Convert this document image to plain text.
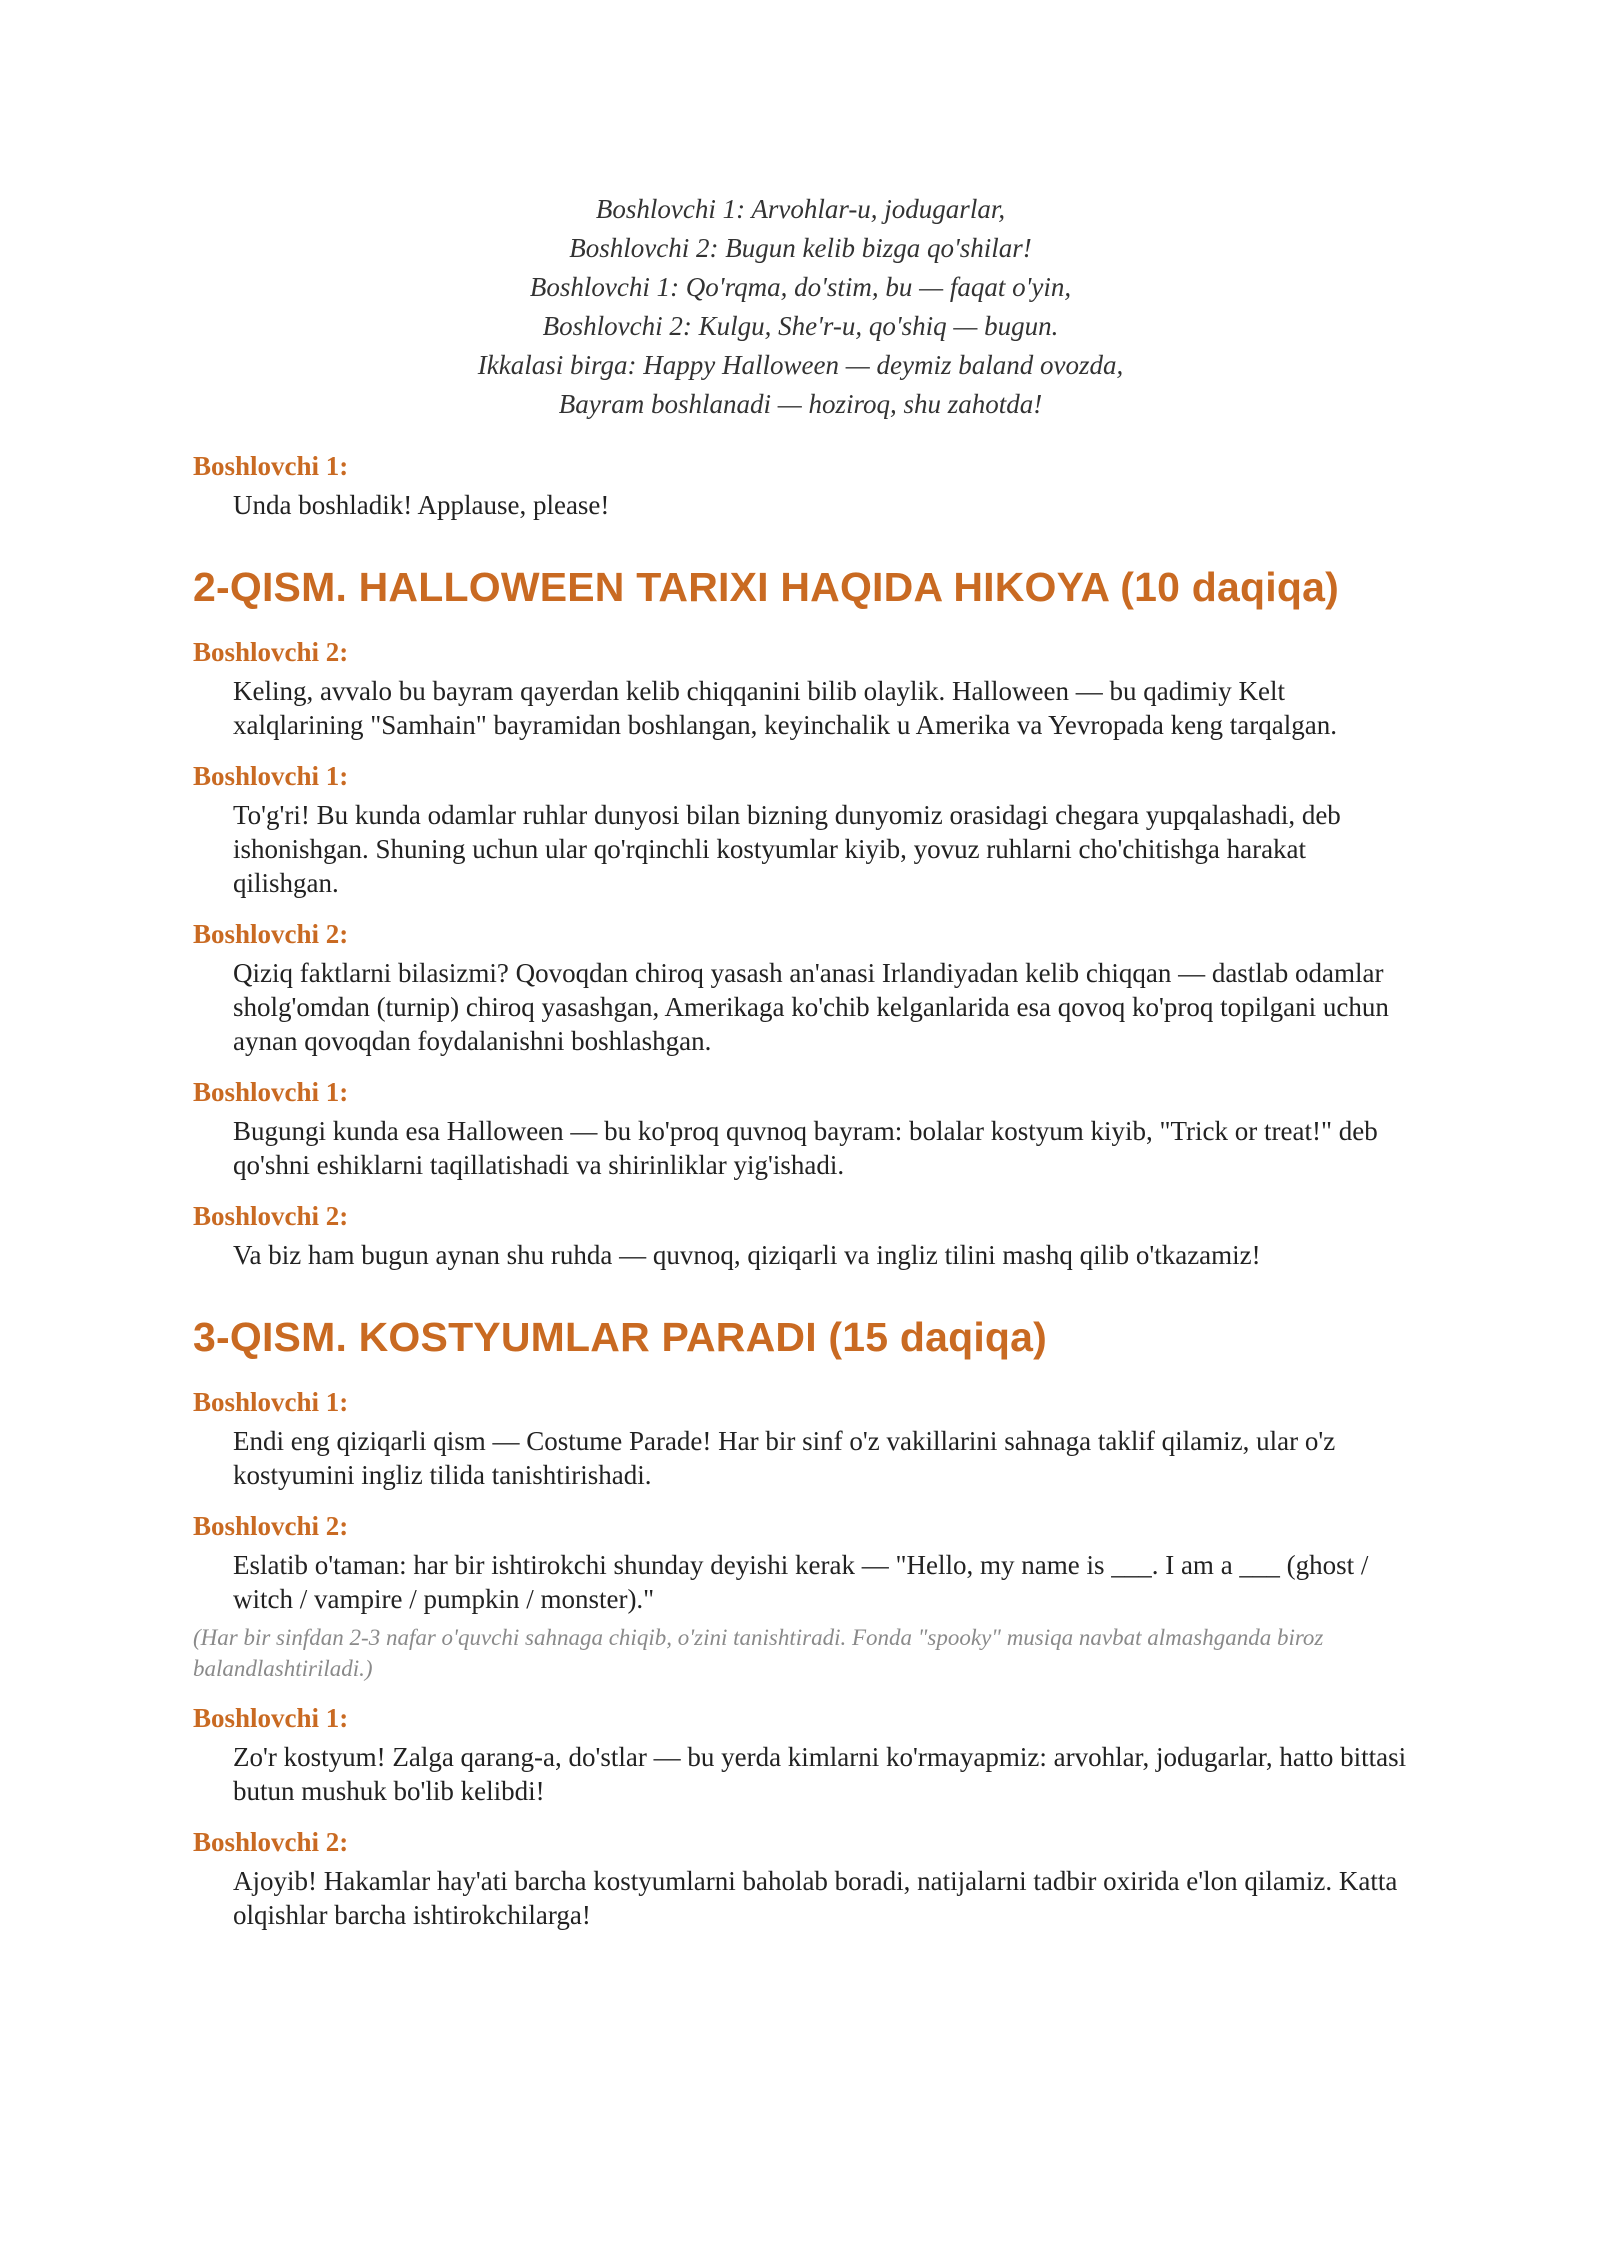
Boshlovchi 1: Arvohlar-u, jodugarlar,
Boshlovchi 2: Bugun kelib bizga qo'shilar!
Boshlovchi 1: Qo'rqma, do'stim, bu — faqat o'yin,
Boshlovchi 2: Kulgu, She'r-u, qo'shiq — bugun.
Ikkalasi birga: Happy Halloween — deymiz baland ovozda,
Bayram boshlanadi — hoziroq, shu zahotda!
Boshlovchi 1:
Unda boshladik! Applause, please!
2-QISM. HALLOWEEN TARIXI HAQIDA HIKOYA (10 daqiqa)
Boshlovchi 2:
Keling, avvalo bu bayram qayerdan kelib chiqqanini bilib olaylik. Halloween — bu qadimiy Kelt xalqlarining "Samhain" bayramidan boshlangan, keyinchalik u Amerika va Yevropada keng tarqalgan.
Boshlovchi 1:
To'g'ri! Bu kunda odamlar ruhlar dunyosi bilan bizning dunyomiz orasidagi chegara yupqalashadi, deb ishonishgan. Shuning uchun ular qo'rqinchli kostyumlar kiyib, yovuz ruhlarni cho'chitishga harakat qilishgan.
Boshlovchi 2:
Qiziq faktlarni bilasizmi? Qovoqdan chiroq yasash an'anasi Irlandiyadan kelib chiqqan — dastlab odamlar sholg'omdan (turnip) chiroq yasashgan, Amerikaga ko'chib kelganlarida esa qovoq ko'proq topilgani uchun aynan qovoqdan foydalanishni boshlashgan.
Boshlovchi 1:
Bugungi kunda esa Halloween — bu ko'proq quvnoq bayram: bolalar kostyum kiyib, "Trick or treat!" deb qo'shni eshiklarni taqillatishadi va shirinliklar yig'ishadi.
Boshlovchi 2:
Va biz ham bugun aynan shu ruhda — quvnoq, qiziqarli va ingliz tilini mashq qilib o'tkazamiz!
3-QISM. KOSTYUMLAR PARADI (15 daqiqa)
Boshlovchi 1:
Endi eng qiziqarli qism — Costume Parade! Har bir sinf o'z vakillarini sahnaga taklif qilamiz, ular o'z kostyumini ingliz tilida tanishtirishadi.
Boshlovchi 2:
Eslatib o'taman: har bir ishtirokchi shunday deyishi kerak — "Hello, my name is ___. I am a ___ (ghost / witch / vampire / pumpkin / monster)."
(Har bir sinfdan 2-3 nafar o'quvchi sahnaga chiqib, o'zini tanishtiradi. Fonda "spooky" musiqa navbat almashganda biroz balandlashtiriladi.)
Boshlovchi 1:
Zo'r kostyum! Zalga qarang-a, do'stlar — bu yerda kimlarni ko'rmayapmiz: arvohlar, jodugarlar, hatto bittasi butun mushuk bo'lib kelibdi!
Boshlovchi 2:
Ajoyib! Hakamlar hay'ati barcha kostyumlarni baholab boradi, natijalarni tadbir oxirida e'lon qilamiz. Katta olqishlar barcha ishtirokchilarga!
